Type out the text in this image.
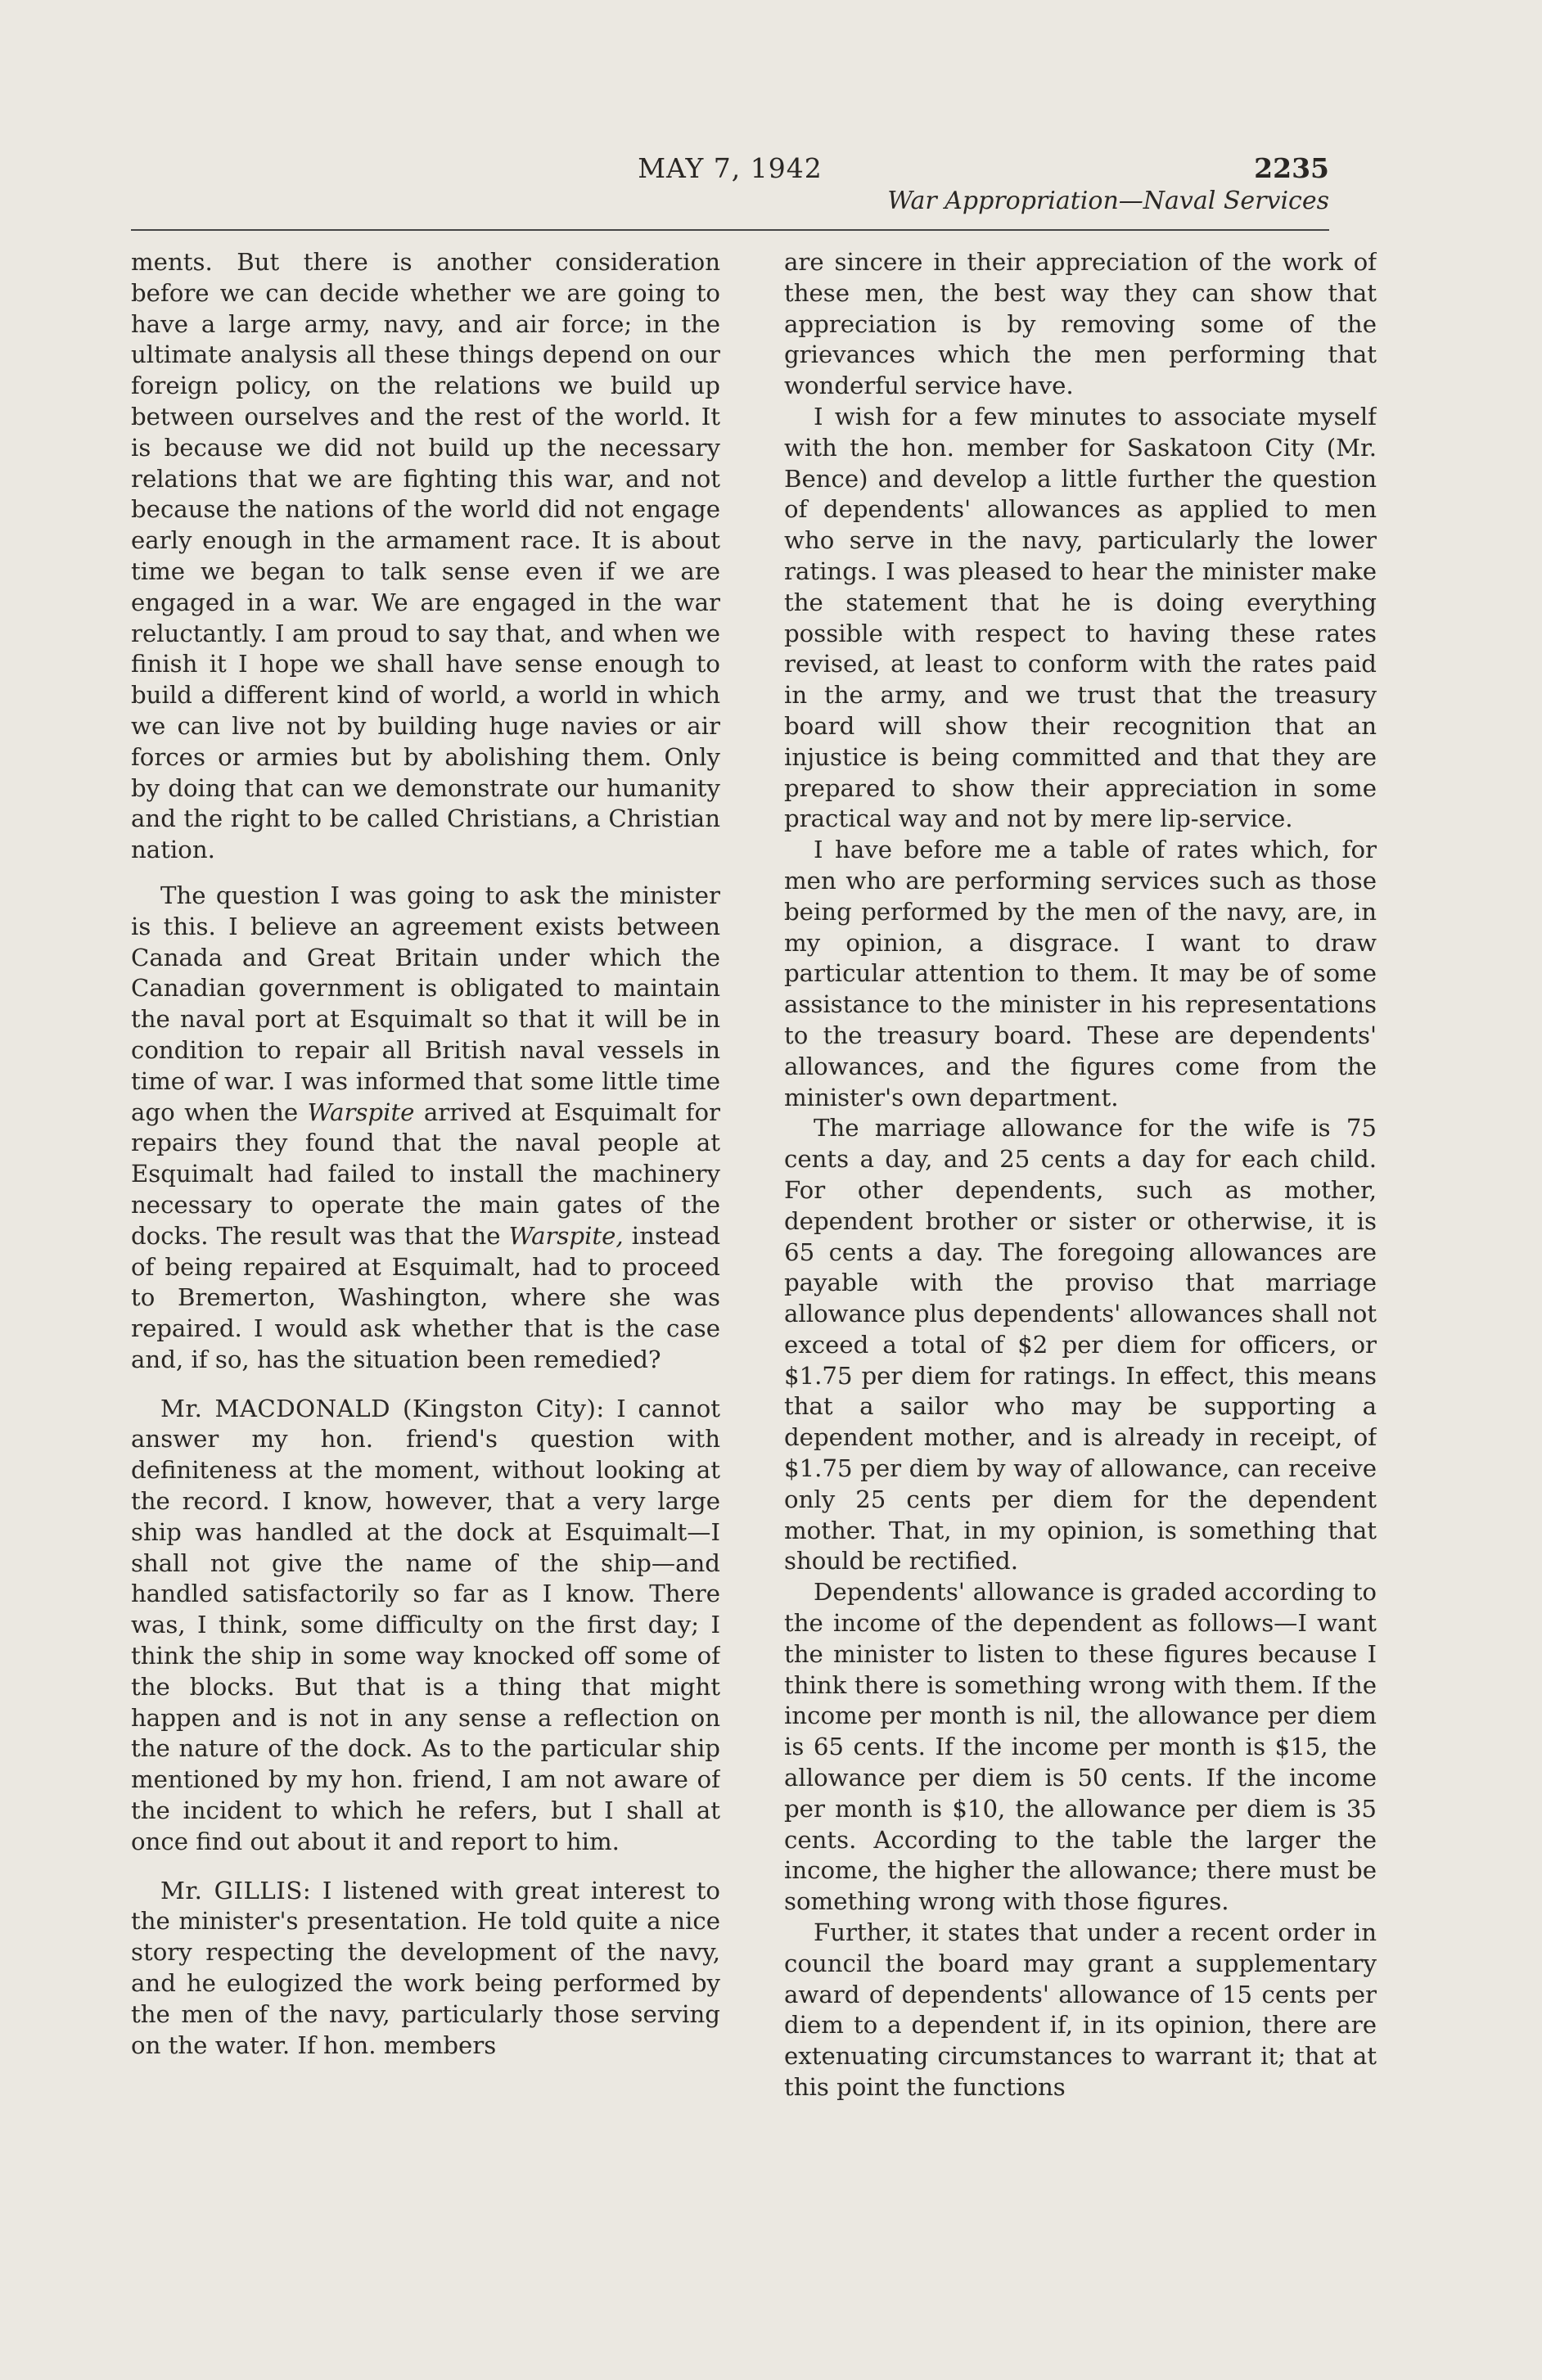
MAY 7, 1942	2235
War Appropriation—Naval Services

ments. But there is another consideration before we can decide whether we are going to have a large army, navy, and air force; in the ultimate analysis all these things depend on our foreign policy, on the relations we build up between ourselves and the rest of the world. It is because we did not build up the necessary relations that we are fighting this war, and not because the nations of the world did not engage early enough in the armament race. It is about time we began to talk sense even if we are engaged in a war. We are engaged in the war reluctantly. I am proud to say that, and when we finish it I hope we shall have sense enough to build a different kind of world, a world in which we can live not by building huge navies or air forces or armies but by abolishing them. Only by doing that can we demonstrate our humanity and the right to be called Christians, a Christian nation.

The question I was going to ask the minister is this. I believe an agreement exists between Canada and Great Britain under which the Canadian government is obligated to maintain the naval port at Esquimalt so that it will be in condition to repair all British naval vessels in time of war. I was informed that some little time ago when the Warspite arrived at Esquimalt for repairs they found that the naval people at Esquimalt had failed to install the machinery necessary to operate the main gates of the docks. The result was that the Warspite, instead of being repaired at Esquimalt, had to proceed to Bremerton, Washington, where she was repaired. I would ask whether that is the case and, if so, has the situation been remedied?

Mr. MACDONALD (Kingston City): I cannot answer my hon. friend's question with definiteness at the moment, without looking at the record. I know, however, that a very large ship was handled at the dock at Esquimalt—I shall not give the name of the ship—and handled satisfactorily so far as I know. There was, I think, some difficulty on the first day; I think the ship in some way knocked off some of the blocks. But that is a thing that might happen and is not in any sense a reflection on the nature of the dock. As to the particular ship mentioned by my hon. friend, I am not aware of the incident to which he refers, but I shall at once find out about it and report to him.

Mr. GILLIS: I listened with great interest to the minister's presentation. He told quite a nice story respecting the development of the navy, and he eulogized the work being performed by the men of the navy, particularly those serving on the water. If hon. members

are sincere in their appreciation of the work of these men, the best way they can show that appreciation is by removing some of the grievances which the men performing that wonderful service have.

I wish for a few minutes to associate myself with the hon. member for Saskatoon City (Mr. Bence) and develop a little further the question of dependents' allowances as applied to men who serve in the navy, particularly the lower ratings. I was pleased to hear the minister make the statement that he is doing everything possible with respect to having these rates revised, at least to conform with the rates paid in the army, and we trust that the treasury board will show their recognition that an injustice is being committed and that they are prepared to show their appreciation in some practical way and not by mere lip-service.

I have before me a table of rates which, for men who are performing services such as those being performed by the men of the navy, are, in my opinion, a disgrace. I want to draw particular attention to them. It may be of some assistance to the minister in his representations to the treasury board. These are dependents' allowances, and the figures come from the minister's own department.

The marriage allowance for the wife is 75 cents a day, and 25 cents a day for each child. For other dependents, such as mother, dependent brother or sister or otherwise, it is 65 cents a day. The foregoing allowances are payable with the proviso that marriage allowance plus dependents' allowances shall not exceed a total of $2 per diem for officers, or $1.75 per diem for ratings. In effect, this means that a sailor who may be supporting a dependent mother, and is already in receipt, of $1.75 per diem by way of allowance, can receive only 25 cents per diem for the dependent mother. That, in my opinion, is something that should be rectified.

Dependents' allowance is graded according to the income of the dependent as follows—I want the minister to listen to these figures because I think there is something wrong with them. If the income per month is nil, the allowance per diem is 65 cents. If the income per month is $15, the allowance per diem is 50 cents. If the income per month is $10, the allowance per diem is 35 cents. According to the table the larger the income, the higher the allowance; there must be something wrong with those figures.

Further, it states that under a recent order in council the board may grant a supplementary award of dependents' allowance of 15 cents per diem to a dependent if, in its opinion, there are extenuating circumstances to warrant it; that at this point the functions
